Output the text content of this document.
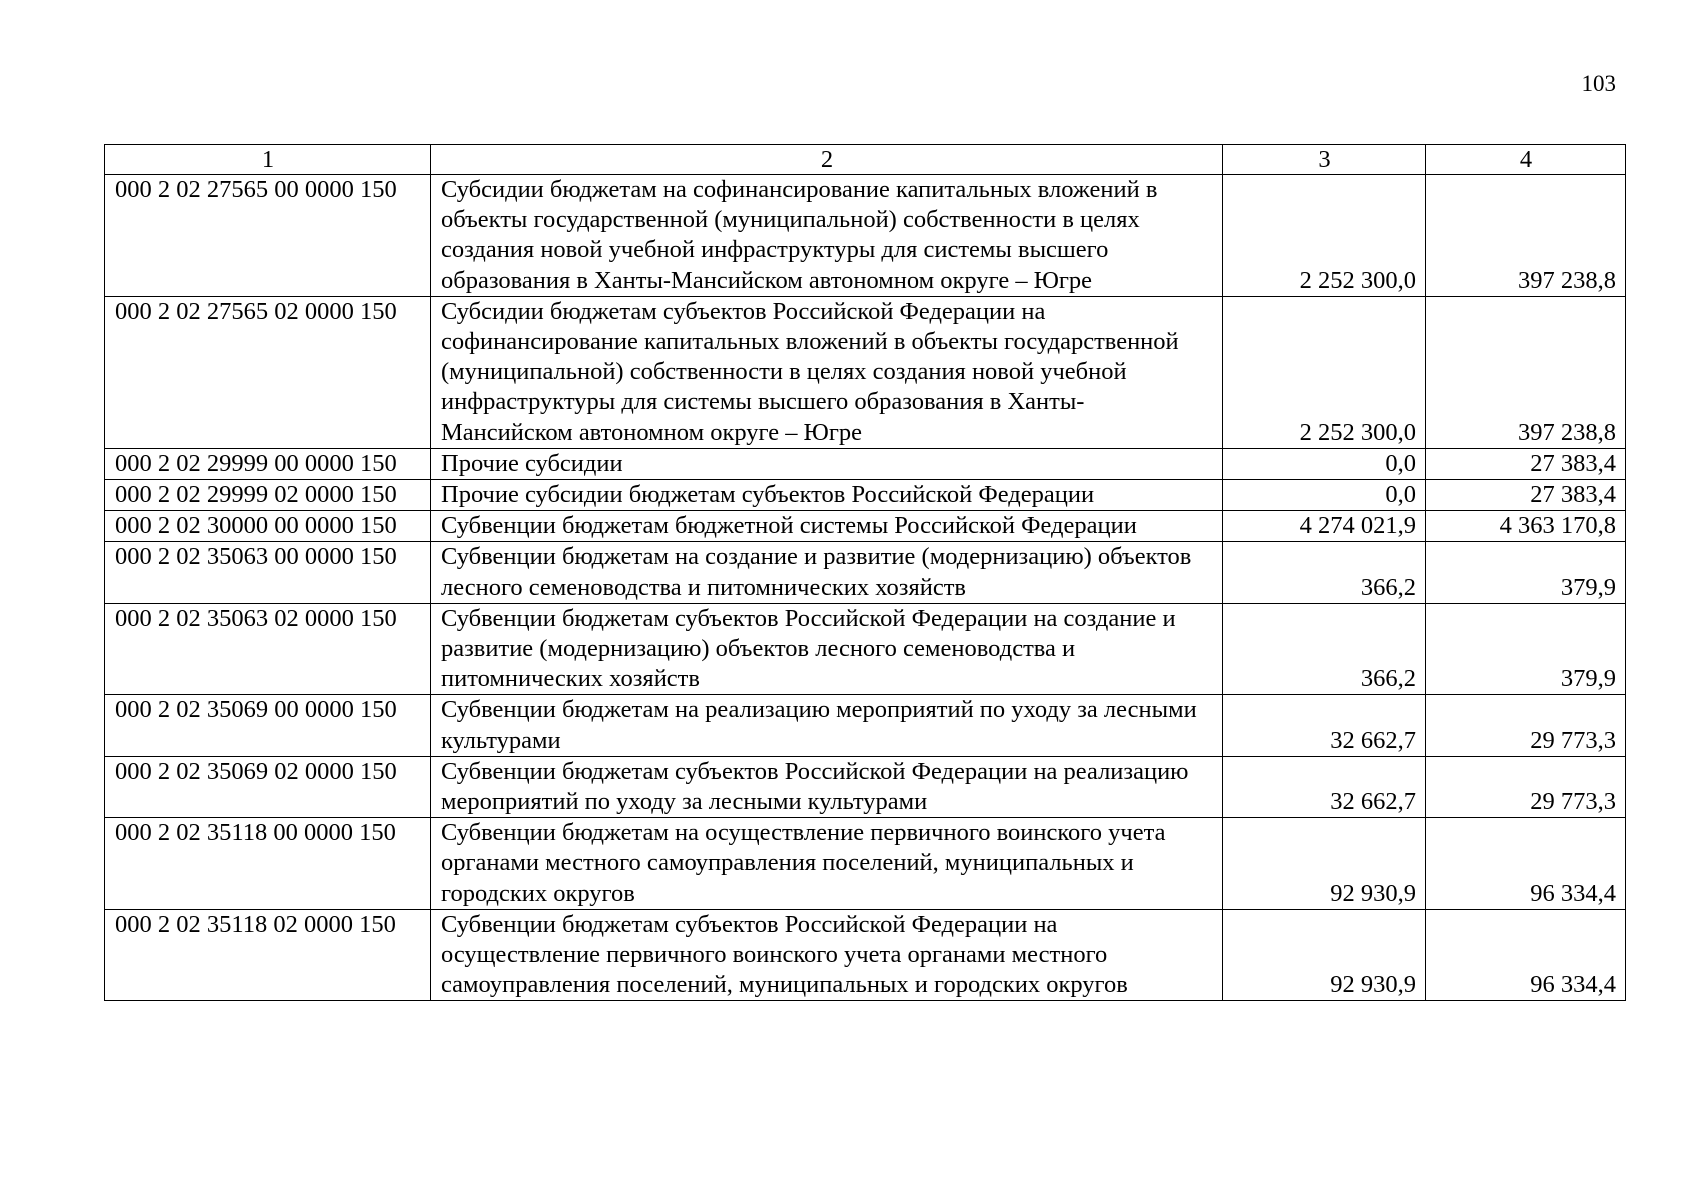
103
1	2	3	4
000 2 02 27565 00 0000 150	Субсидии бюджетам на софинансирование капитальных вложений в объекты государственной (муниципальной) собственности в целях создания новой учебной инфраструктуры для системы высшего образования в Ханты-Мансийском автономном округе – Югре	2 252 300,0	397 238,8
000 2 02 27565 02 0000 150	Субсидии бюджетам субъектов Российской Федерации на софинансирование капитальных вложений в объекты государственной (муниципальной) собственности в целях создания новой учебной инфраструктуры для системы высшего образования в Ханты-Мансийском автономном округе – Югре	2 252 300,0	397 238,8
000 2 02 29999 00 0000 150	Прочие субсидии	0,0	27 383,4
000 2 02 29999 02 0000 150	Прочие субсидии бюджетам субъектов Российской Федерации	0,0	27 383,4
000 2 02 30000 00 0000 150	Субвенции бюджетам бюджетной системы Российской Федерации	4 274 021,9	4 363 170,8
000 2 02 35063 00 0000 150	Субвенции бюджетам на создание и развитие (модернизацию) объектов лесного семеноводства и питомнических хозяйств	366,2	379,9
000 2 02 35063 02 0000 150	Субвенции бюджетам субъектов Российской Федерации на создание и развитие (модернизацию) объектов лесного семеноводства и питомнических хозяйств	366,2	379,9
000 2 02 35069 00 0000 150	Субвенции бюджетам на реализацию мероприятий по уходу за лесными культурами	32 662,7	29 773,3
000 2 02 35069 02 0000 150	Субвенции бюджетам субъектов Российской Федерации на реализацию мероприятий по уходу за лесными культурами	32 662,7	29 773,3
000 2 02 35118 00 0000 150	Субвенции бюджетам на осуществление первичного воинского учета органами местного самоуправления поселений, муниципальных и городских округов	92 930,9	96 334,4
000 2 02 35118 02 0000 150	Субвенции бюджетам субъектов Российской Федерации на осуществление первичного воинского учета органами местного самоуправления поселений, муниципальных и городских округов	92 930,9	96 334,4
